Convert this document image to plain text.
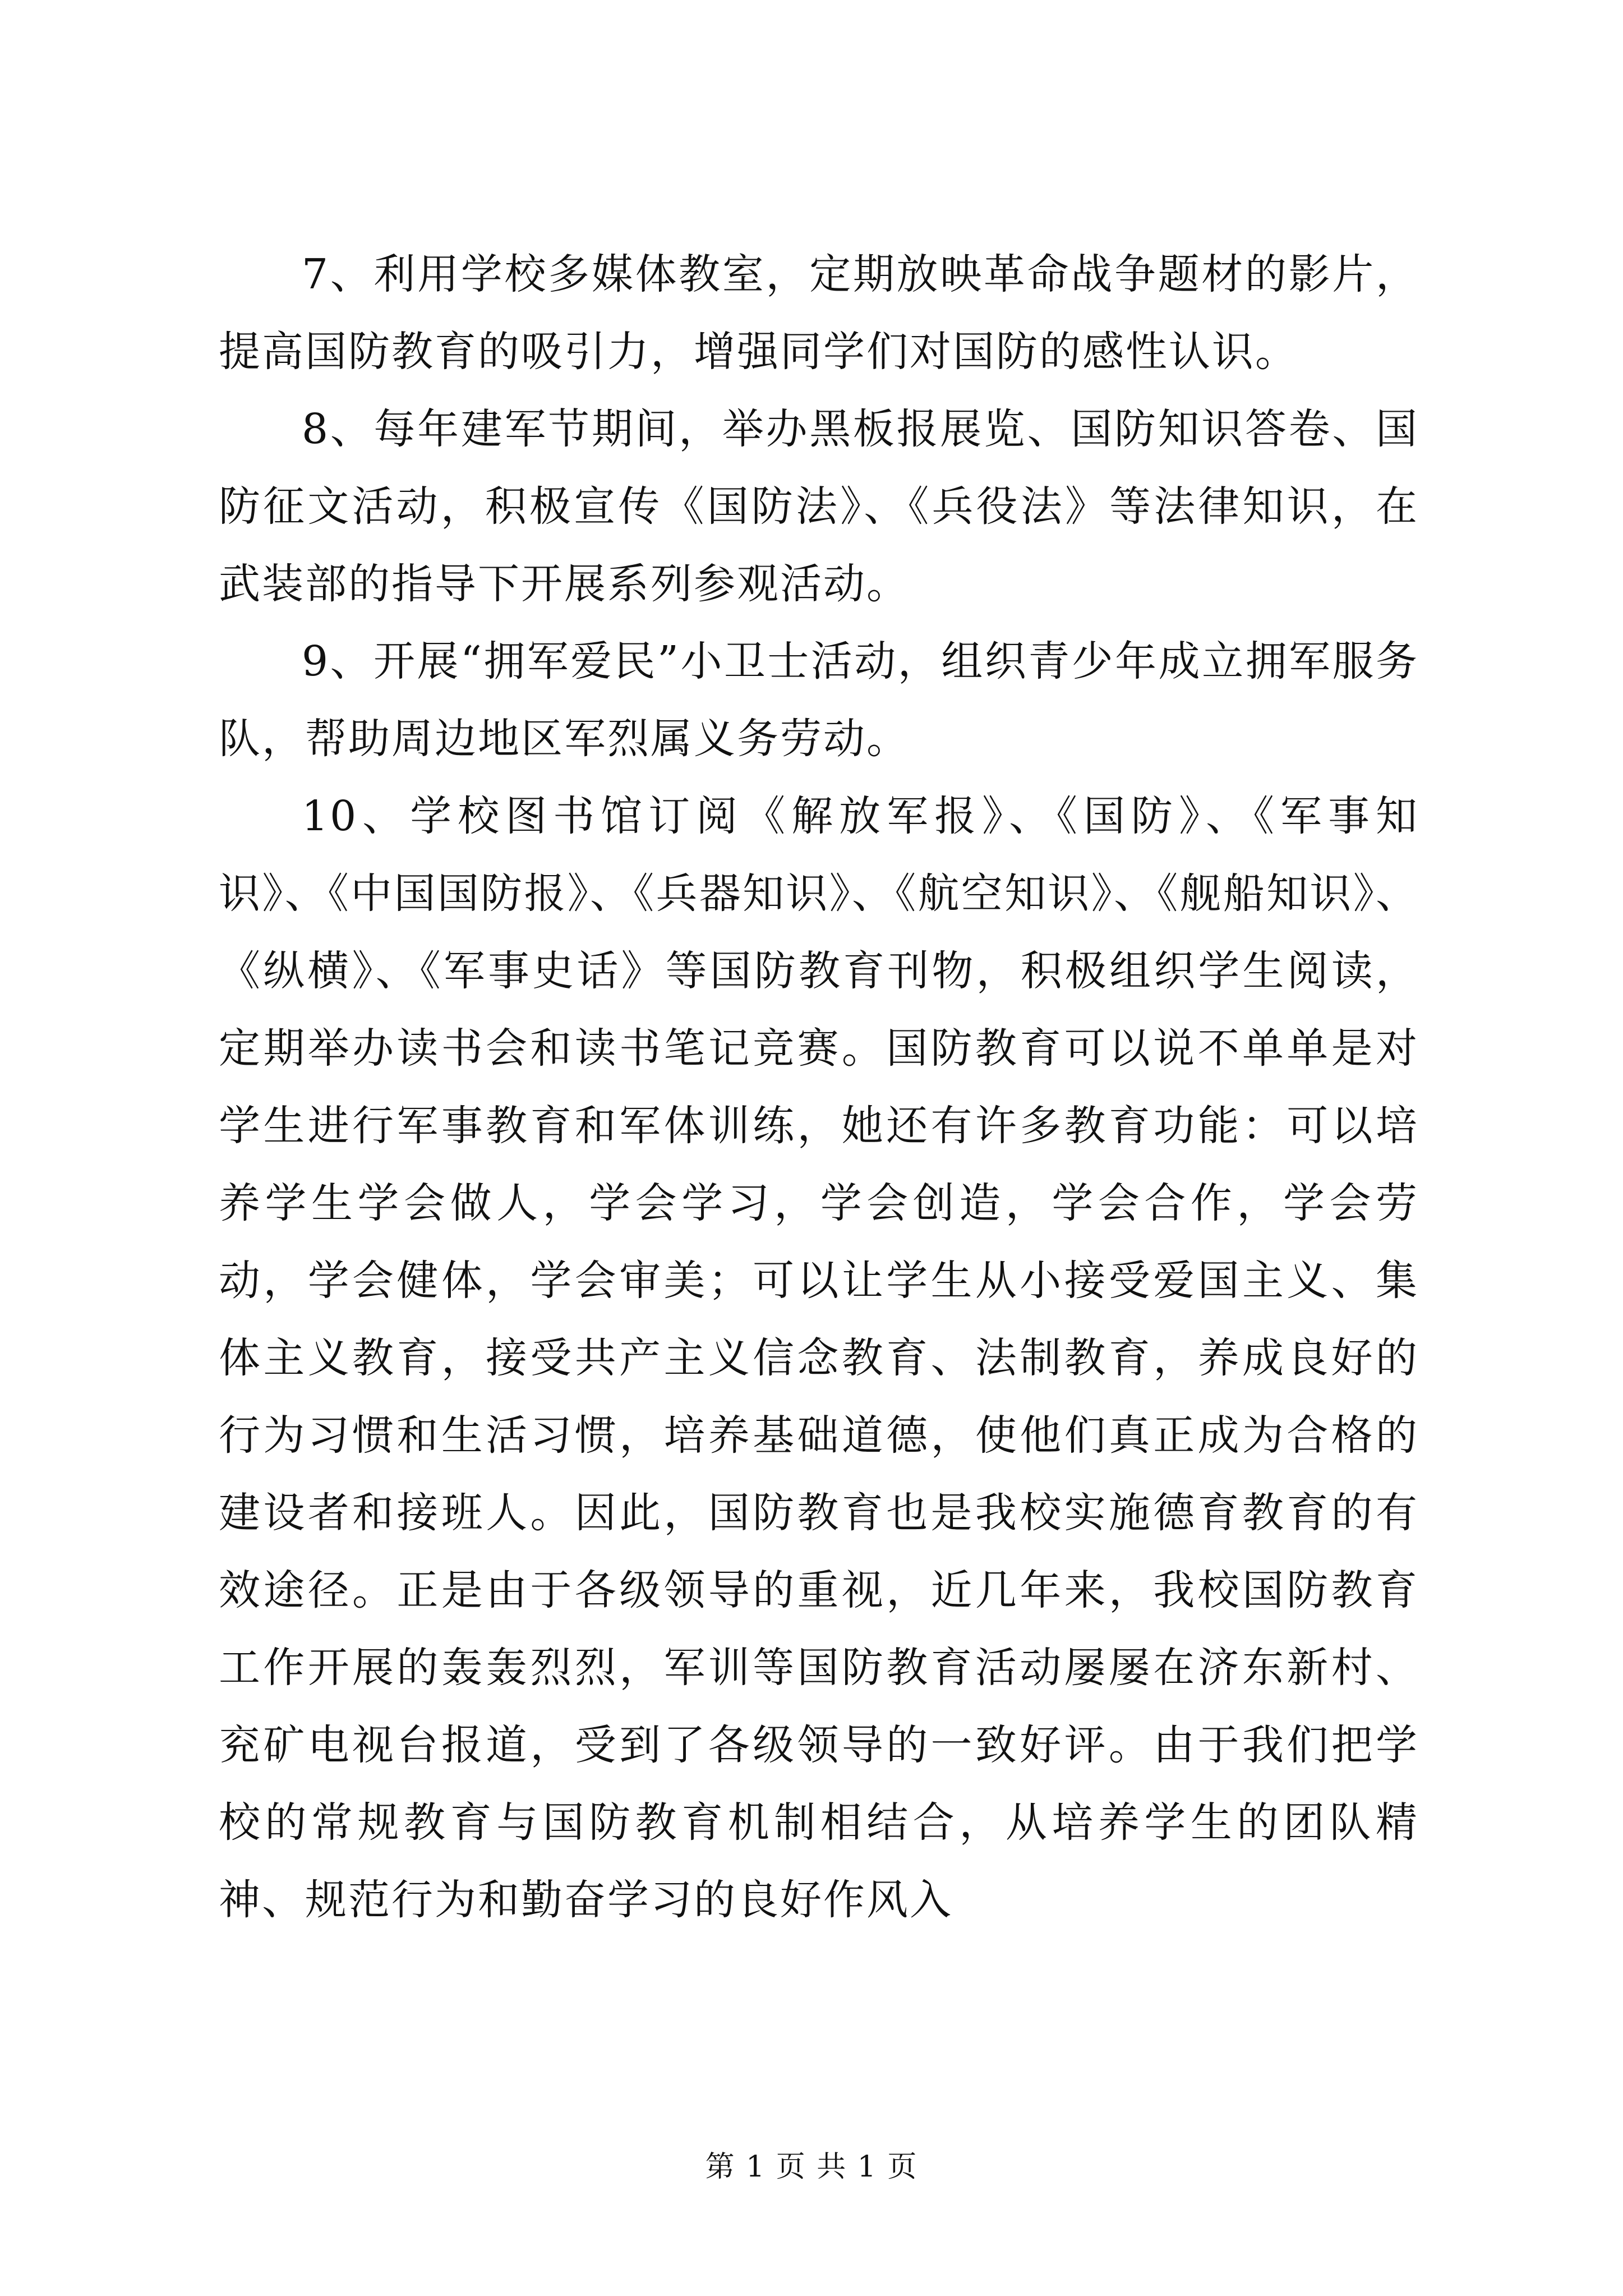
7、利用学校多媒体教室，定期放映革命战争题材的影片，提高国防教育的吸引力，增强同学们对国防的感性认识。

8、每年建军节期间，举办黑板报展览、国防知识答卷、国防征文活动，积极宣传《国防法》、《兵役法》等法律知识，在武装部的指导下开展系列参观活动。

9、开展“拥军爱民”小卫士活动，组织青少年成立拥军服务队，帮助周边地区军烈属义务劳动。

10、学校图书馆订阅《解放军报》、《国防》、《军事知识》、《中国国防报》、《兵器知识》、《航空知识》、《舰船知识》、《纵横》、《军事史话》等国防教育刊物，积极组织学生阅读，定期举办读书会和读书笔记竞赛。国防教育可以说不单单是对学生进行军事教育和军体训练，她还有许多教育功能：可以培养学生学会做人，学会学习，学会创造，学会合作，学会劳动，学会健体，学会审美；可以让学生从小接受爱国主义、集体主义教育，接受共产主义信念教育、法制教育，养成良好的行为习惯和生活习惯，培养基础道德，使他们真正成为合格的建设者和接班人。因此，国防教育也是我校实施德育教育的有效途径。正是由于各级领导的重视，近几年来，我校国防教育工作开展的轰轰烈烈，军训等国防教育活动屡屡在济东新村、兖矿电视台报道，受到了各级领导的一致好评。由于我们把学校的常规教育与国防教育机制相结合，从培养学生的团队精神、规范行为和勤奋学习的良好作风入

第 1 页 共 1 页
